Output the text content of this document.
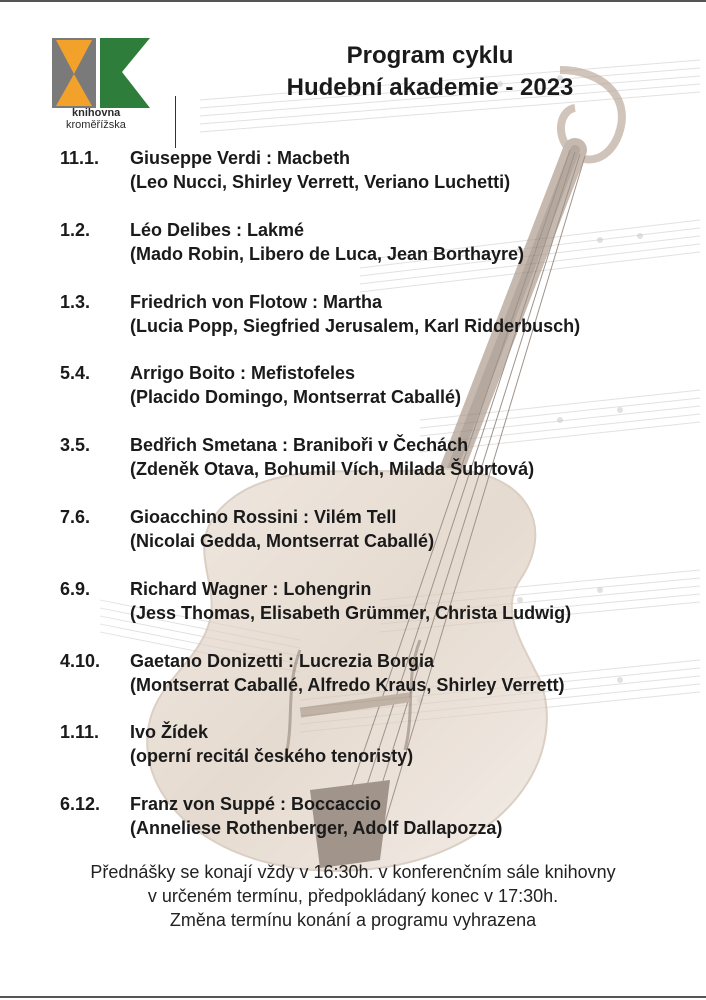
knihovna
kroměřížska
Program cyklu
Hudební akademie - 2023
11.1. Giuseppe Verdi : Macbeth
(Leo Nucci, Shirley Verrett, Veriano Luchetti)
1.2. Léo Delibes : Lakmé
(Mado Robin, Libero de Luca, Jean Borthayre)
1.3. Friedrich von Flotow : Martha
(Lucia Popp, Siegfried Jerusalem, Karl Ridderbusch)
5.4. Arrigo Boito : Mefistofeles
(Placido Domingo, Montserrat Caballé)
3.5. Bedřich Smetana : Braniboři v Čechách
(Zdeněk Otava, Bohumil Vích, Milada Šubrtová)
7.6. Gioacchino Rossini : Vilém Tell
(Nicolai Gedda, Montserrat Caballé)
6.9. Richard Wagner : Lohengrin
(Jess Thomas, Elisabeth Grümmer, Christa Ludwig)
4.10. Gaetano Donizetti : Lucrezia Borgia
(Montserrat Caballé, Alfredo Kraus, Shirley Verrett)
1.11. Ivo Žídek
(operní recitál českého tenoristy)
6.12. Franz von Suppé : Boccaccio
(Anneliese Rothenberger, Adolf Dallapozza)
Přednášky se konají vždy v 16:30h. v konferenčním sále knihovny
v určeném termínu, předpokládaný konec v 17:30h.
Změna termínu konání a programu vyhrazena
